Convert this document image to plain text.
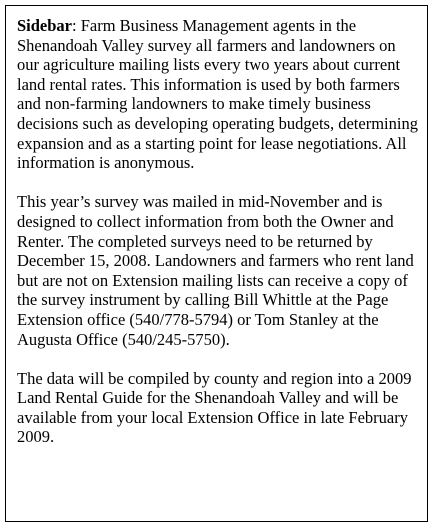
Sidebar: Farm Business Management agents in the Shenandoah Valley survey all farmers and landowners on our agriculture mailing lists every two years about current land rental rates. This information is used by both farmers and non-farming landowners to make timely business decisions such as developing operating budgets, determining expansion and as a starting point for lease negotiations. All information is anonymous.

This year’s survey was mailed in mid-November and is designed to collect information from both the Owner and Renter. The completed surveys need to be returned by December 15, 2008. Landowners and farmers who rent land but are not on Extension mailing lists can receive a copy of the survey instrument by calling Bill Whittle at the Page Extension office (540/778-5794) or Tom Stanley at the Augusta Office (540/245-5750).

The data will be compiled by county and region into a 2009 Land Rental Guide for the Shenandoah Valley and will be available from your local Extension Office in late February 2009.
